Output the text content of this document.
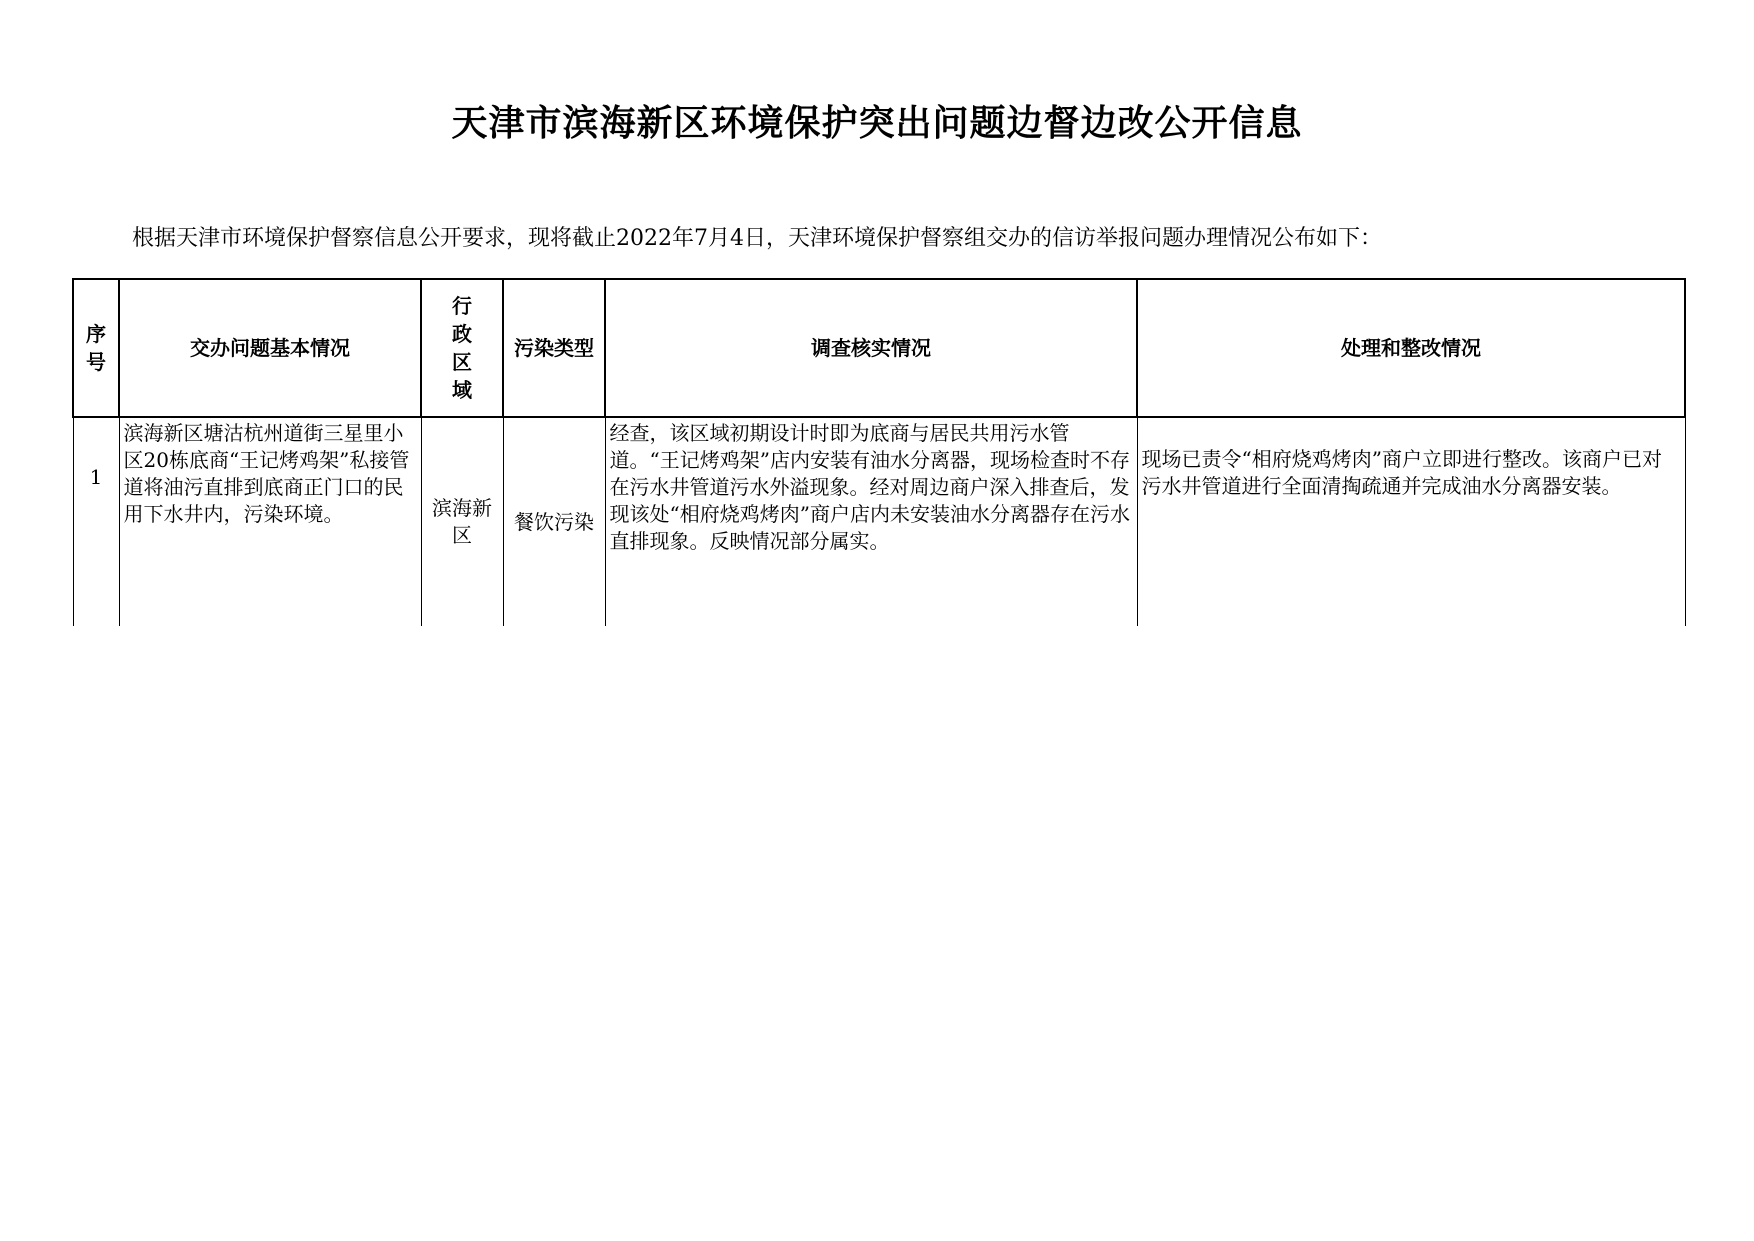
天津市滨海新区环境保护突出问题边督边改公开信息
根据天津市环境保护督察信息公开要求，现将截止2022年7月4日，天津环境保护督察组交办的信访举报问题办理情况公布如下：
序号	交办问题基本情况	行政区域	污染类型	调查核实情况	处理和整改情况
1	滨海新区塘沽杭州道街三星里小区20栋底商“王记烤鸡架”私接管道将油污直排到底商正门口的民用下水井内，污染环境。	滨海新区	餐饮污染	经查，该区域初期设计时即为底商与居民共用污水管道。“王记烤鸡架”店内安装有油水分离器，现场检查时不存在污水井管道污水外溢现象。经对周边商户深入排查后，发现该处“相府烧鸡烤肉”商户店内未安装油水分离器存在污水直排现象。反映情况部分属实。	现场已责令“相府烧鸡烤肉”商户立即进行整改。该商户已对污水井管道进行全面清掏疏通并完成油水分离器安装。
